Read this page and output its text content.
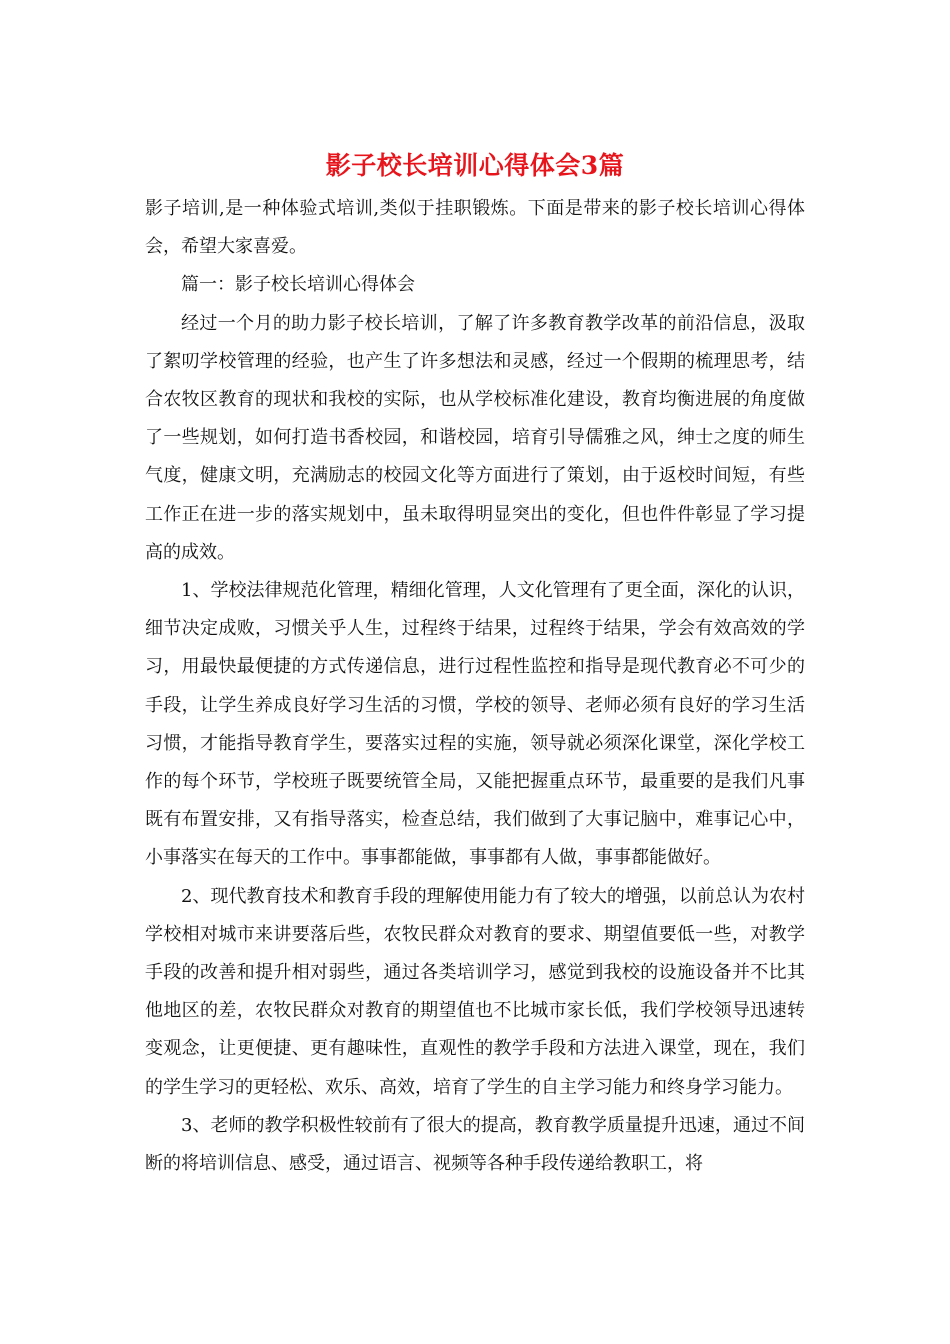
影子校长培训心得体会3篇

影子培训,是一种体验式培训,类似于挂职锻炼。下面是带来的影子校长培训心得体会，希望大家喜爱。

篇一：影子校长培训心得体会

经过一个月的助力影子校长培训，了解了许多教育教学改革的前沿信息，汲取了絮叨学校管理的经验，也产生了许多想法和灵感，经过一个假期的梳理思考，结合农牧区教育的现状和我校的实际，也从学校标准化建设，教育均衡进展的角度做了一些规划，如何打造书香校园，和谐校园，培育引导儒雅之风，绅士之度的师生气度，健康文明，充满励志的校园文化等方面进行了策划，由于返校时间短，有些工作正在进一步的落实规划中，虽未取得明显突出的变化，但也件件彰显了学习提高的成效。

1、学校法律规范化管理，精细化管理，人文化管理有了更全面，深化的认识，细节决定成败，习惯关乎人生，过程终于结果，过程终于结果，学会有效高效的学习，用最快最便捷的方式传递信息，进行过程性监控和指导是现代教育必不可少的手段，让学生养成良好学习生活的习惯，学校的领导、老师必须有良好的学习生活习惯，才能指导教育学生，要落实过程的实施，领导就必须深化课堂，深化学校工作的每个环节，学校班子既要统管全局，又能把握重点环节，最重要的是我们凡事既有布置安排，又有指导落实，检查总结，我们做到了大事记脑中，难事记心中，小事落实在每天的工作中。事事都能做，事事都有人做，事事都能做好。

2、现代教育技术和教育手段的理解使用能力有了较大的增强，以前总认为农村学校相对城市来讲要落后些，农牧民群众对教育的要求、期望值要低一些，对教学手段的改善和提升相对弱些，通过各类培训学习，感觉到我校的设施设备并不比其他地区的差，农牧民群众对教育的期望值也不比城市家长低，我们学校领导迅速转变观念，让更便捷、更有趣味性，直观性的教学手段和方法进入课堂，现在，我们的学生学习的更轻松、欢乐、高效，培育了学生的自主学习能力和终身学习能力。

3、老师的教学积极性较前有了很大的提高，教育教学质量提升迅速，通过不间断的将培训信息、感受，通过语言、视频等各种手段传递给教职工，将
